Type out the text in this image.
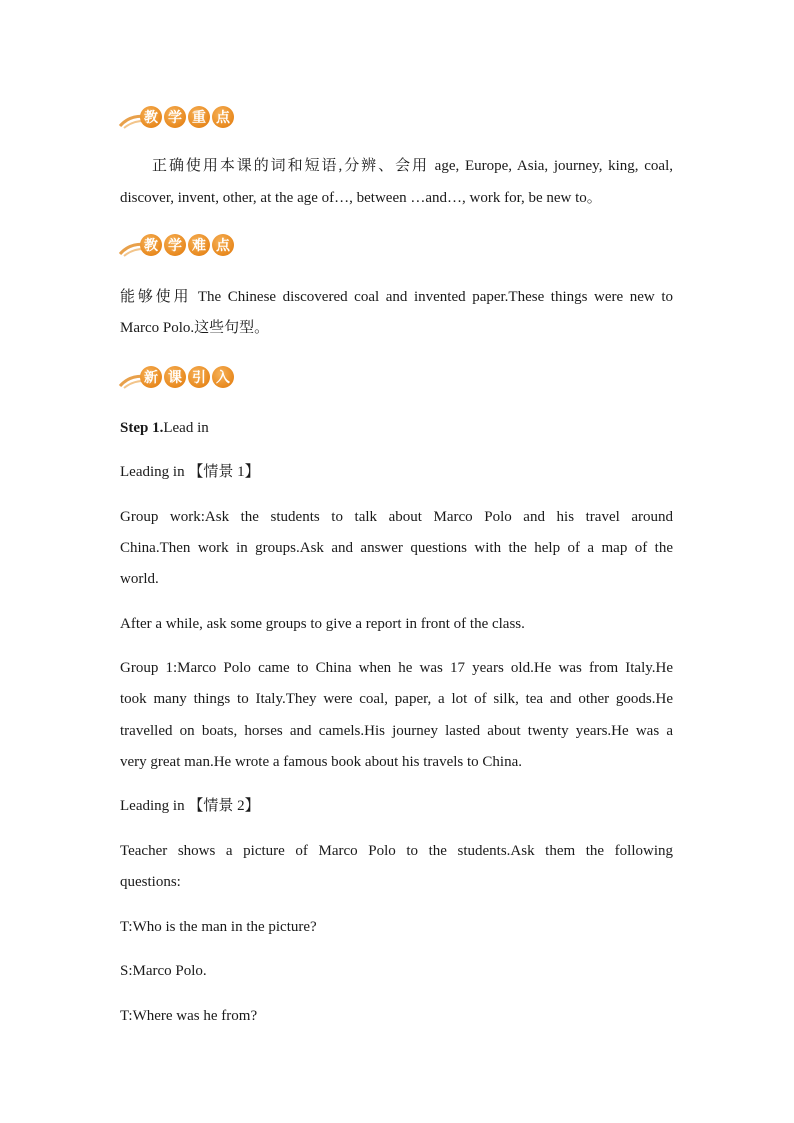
教 学 重 点
正确使用本课的词和短语,分辨、会用 age, Europe, Asia, journey, king, coal,
discover, invent, other, at the age of…, between …and…, work for, be new to。
教 学 难 点
能够使用 The Chinese discovered coal and invented paper.These things were new to
Marco Polo.这些句型。
新 课 引 入
Step 1.Lead in
Leading in 【情景 1】
Group work:Ask the students to talk about Marco Polo and his travel around
China.Then work in groups.Ask and answer questions with the help of a map of the
world.
After a while, ask some groups to give a report in front of the class.
Group 1:Marco Polo came to China when he was 17 years old.He was from Italy.He
took many things to Italy.They were coal, paper, a lot of silk, tea and other goods.He
travelled on boats, horses and camels.His journey lasted about twenty years.He was a
very great man.He wrote a famous book about his travels to China.
Leading in 【情景 2】
Teacher shows a picture of Marco Polo to the students.Ask them the following
questions:
T:Who is the man in the picture?
S:Marco Polo.
T:Where was he from?
